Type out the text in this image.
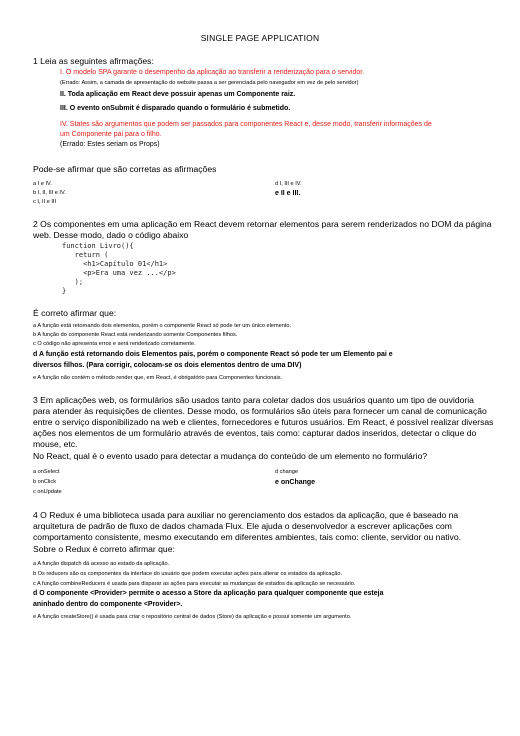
SINGLE PAGE APPLICATION
1 Leia as seguintes afirmações:
I. O modelo SPA garante o desempenho da aplicação ao transferir a renderização para o servidor.
(Errado: Assim, a camada de apresentação do website passa a ser gerenciada pelo navegador em vez de pelo servidor)
II. Toda aplicação em React deve possuir apenas um Componente raiz.
III. O evento onSubmit é disparado quando o formulário é submetido.
IV. States são argumentos que podem ser passados para componentes React e, desse modo, transferir informações de
um Componente pai para o filho.
(Errado: Estes seriam os Props)
Pode-se afirmar que são corretas as afirmações
a I e IV.
b I, II, III e IV.
c I, II e III
d I, III e IV.
e II e III.
2 Os componentes em uma aplicação em React devem retornar elementos para serem renderizados no DOM da página
web. Desse modo, dado o código abaixo
function Livro(){
return (
<h1>Capítulo 01</h1>
<p>Era uma vez ...</p>
);
}
É correto afirmar que:
a A função está retornando dois elementos, porém o componente React só pode ter um único elemento.
b A função do componente React está renderizando somente Componentes filhos.
c O código não apresenta erros e será renderizado corretamente.
d A função está retornando dois Elementos pais, porém o componente React só pode ter um Elemento pai e
diversos filhos. (Para corrigir, colocam-se os dois elementos dentro de uma DIV)
e A função não contém o método render que, em React, é obrigatório para Componentes funcionais.
3 Em aplicações web, os formulários são usados tanto para coletar dados dos usuários quanto um tipo de ouvidoria
para atender às requisições de clientes. Desse modo, os formulários são úteis para fornecer um canal de comunicação
entre o serviço disponibilizado na web e clientes, fornecedores e futuros usuários. Em React, é possível realizar diversas
ações nos elementos de um formulário através de eventos, tais como: capturar dados inseridos, detectar o clique do
mouse, etc.
No React, qual é o evento usado para detectar a mudança do conteúdo de um elemento no formulário?
a onSelect
b onClick
c onUpdate
d change
e onChange
4 O Redux é uma biblioteca usada para auxiliar no gerenciamento dos estados da aplicação, que é baseado na
arquitetura de padrão de fluxo de dados chamada Flux. Ele ajuda o desenvolvedor a escrever aplicações com
comportamento consistente, mesmo executando em diferentes ambientes, tais como: cliente, servidor ou nativo.
Sobre o Redux é correto afirmar que:
a A função dispatch dá acesso ao estado da aplicação.
b Os reducers são os componentes da interface do usuário que podem executar ações para alterar os estados da aplicação.
c A função combineReducers é usada para disparar as ações para executar as mudanças de estados da aplicação se necessário.
d O componente <Provider> permite o acesso a Store da aplicação para qualquer componente que esteja
aninhado dentro do componente <Provider>.
e A função createStore() é usada para criar o repositório central de dados (Store) da aplicação e possui somente um argumento.
